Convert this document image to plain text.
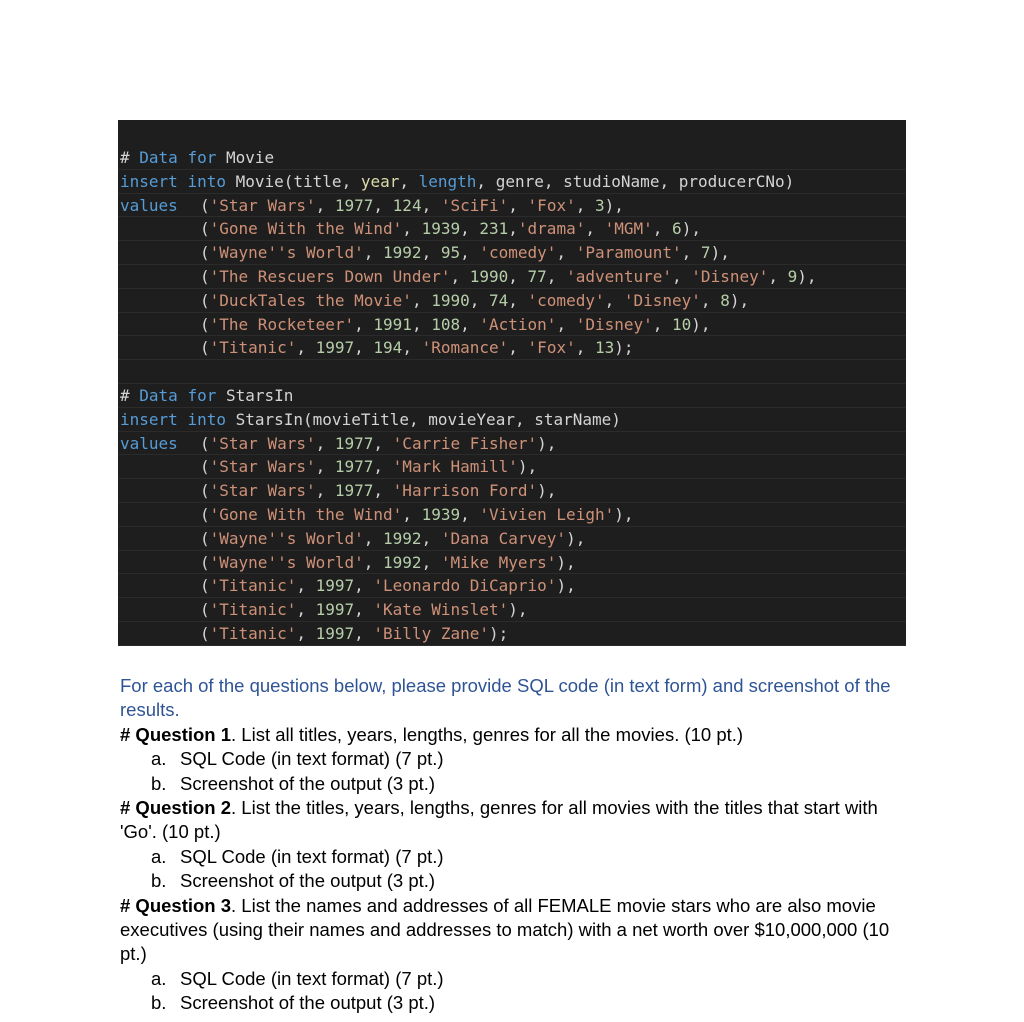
# Data for Movie
insert into Movie(title, year, length, genre, studioName, producerCNo)
values ('Star Wars', 1977, 124, 'SciFi', 'Fox', 3),
('Gone With the Wind', 1939, 231,'drama', 'MGM', 6),
('Wayne''s World', 1992, 95, 'comedy', 'Paramount', 7),
('The Rescuers Down Under', 1990, 77, 'adventure', 'Disney', 9),
('DuckTales the Movie', 1990, 74, 'comedy', 'Disney', 8),
('The Rocketeer', 1991, 108, 'Action', 'Disney', 10),
('Titanic', 1997, 194, 'Romance', 'Fox', 13);

# Data for StarsIn
insert into StarsIn(movieTitle, movieYear, starName)
values ('Star Wars', 1977, 'Carrie Fisher'),
('Star Wars', 1977, 'Mark Hamill'),
('Star Wars', 1977, 'Harrison Ford'),
('Gone With the Wind', 1939, 'Vivien Leigh'),
('Wayne''s World', 1992, 'Dana Carvey'),
('Wayne''s World', 1992, 'Mike Myers'),
('Titanic', 1997, 'Leonardo DiCaprio'),
('Titanic', 1997, 'Kate Winslet'),
('Titanic', 1997, 'Billy Zane');

For each of the questions below, please provide SQL code (in text form) and screenshot of the results.

# Question 1. List all titles, years, lengths, genres for all the movies. (10 pt.)

a. SQL Code (in text format) (7 pt.)

b. Screenshot of the output (3 pt.)

# Question 2. List the titles, years, lengths, genres for all movies with the titles that start with 'Go'. (10 pt.)

a. SQL Code (in text format) (7 pt.)

b. Screenshot of the output (3 pt.)

# Question 3. List the names and addresses of all FEMALE movie stars who are also movie executives (using their names and addresses to match) with a net worth over $10,000,000 (10 pt.)

a. SQL Code (in text format) (7 pt.)

b. Screenshot of the output (3 pt.)
